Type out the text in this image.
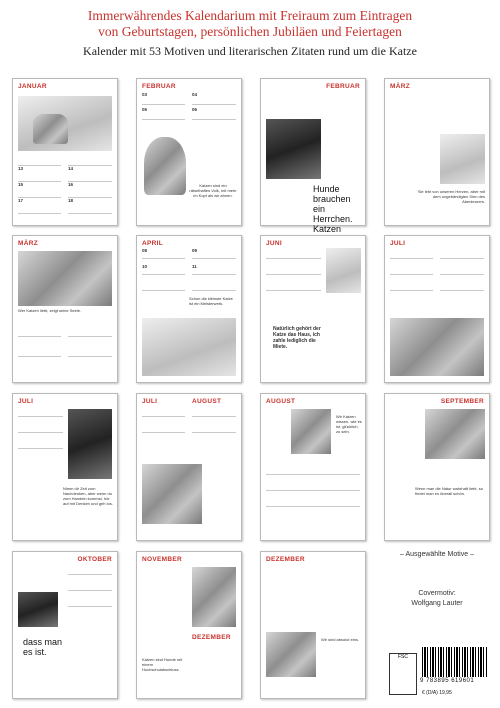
Immerwährendes Kalendarium mit Freiraum zum Eintragen
von Geburtstagen, persönlichen Jubiläen und Feiertagen
Kalender mit 53 Motiven und literarischen Zitaten rund um die Katze
JANUAR
13	14
15	16
17	18
FEBRUAR
03	04
05	06
Katzen sind ein rätselhaftes Volk, mit mehr im Kopf als wir ahnen.
FEBRUAR
Hunde brauchen ein Herrchen. Katzen
MÄRZ
Sie lebt von unseren Herzen, aber mit dem ungebändigten Sinn des Abenteurers.
MÄRZ
Wer Katzen liebt, zeigt seine Seele.
APRIL
08	09
10	11
Schon die kleinste Katze ist ein Meisterwerk.
JUNI
Natürlich gehört der Katze das Haus, ich zahle lediglich die Miete.
JULI
JULI
Nimm dir Zeit zum Nachdenken, aber wenn du zum Handeln kommst, hör auf mit Denken und geh los.
JULI	AUGUST	AUGUST
Wir Katzen wissen, wie es ist, glücklich zu sein.
SEPTEMBER
Wenn man die Natur wahrhaft liebt, so findet man es überall schön.
OKTOBER
dass man es ist.
NOVEMBER
DEZEMBER
Katzen sind Hunde mit einem Hochschulabschluss.
DEZEMBER
Wir sind absolut eins.
– Ausgewählte Motive –
Covermotiv:
Wolfgang Lauter
FSC
9 783895 619601
€ (D/A) 19,95
